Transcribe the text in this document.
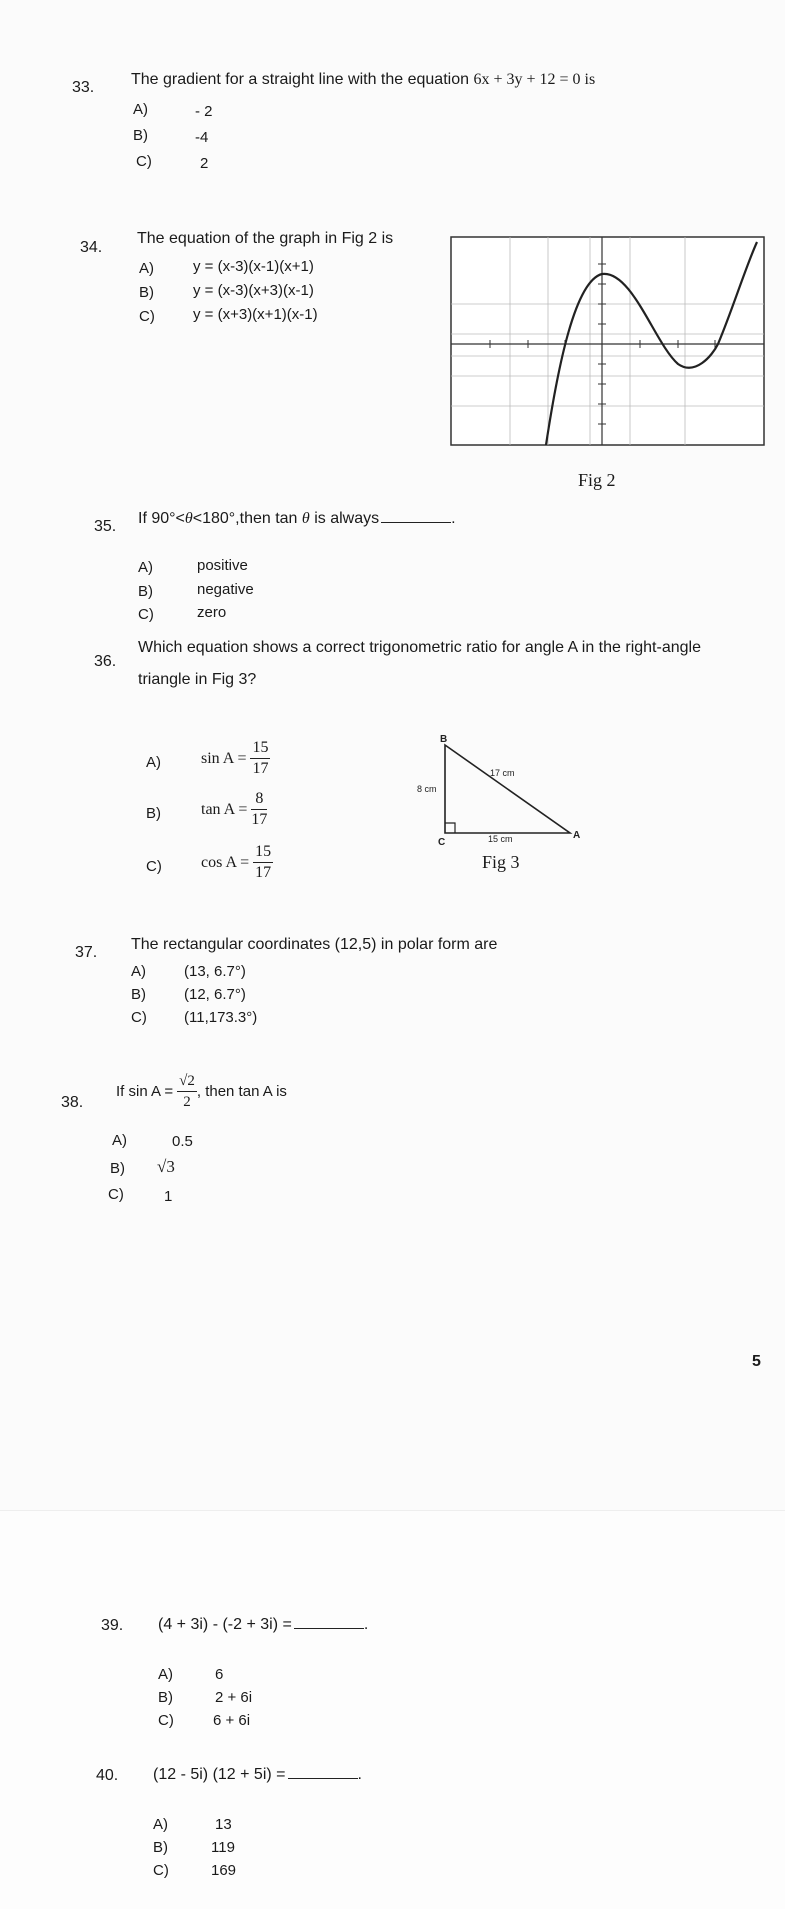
33. The gradient for a straight line with the equation 6x + 3y + 12 = 0 is
A)	- 2
B)	-4
C)	2
34.
The equation of the graph in Fig 2 is
A)	y = (x-3)(x-1)(x+1)
B)	y = (x-3)(x+3)(x-1)
C)	y = (x+3)(x+1)(x-1)
Fig 2
35. If 90°<θ<180°,then tan θ is always	.
A)	positive
B)	negative
C)	zero
36.
Which equation shows a correct trigonometric ratio for angle A in the right-angle
triangle in Fig 3?
A)	$\sin A = \frac{15}{17}$
B)	$\tan A = \frac{8}{17}$
C) $\cos A = \frac{15}{17}$
B
C
A
8 cm
17 cm
15 cm
Fig 3
37. The rectangular coordinates (12,5) in polar form are
A)	(13, 6.7°)
B)	(12, 6.7°)
C) (11,173.3°)
38.
If $\sin A = \frac{√2}{2}$ , then tan A is
A)	0.5
B) √3
C)	1
5
39. (4 + 3i) - (-2 + 3i) =	.
A)	6
B)	2 + 6i
C)	6 + 6i
40. (12 - 5i) (12 + 5i) =	.
A)	13
B)	119
C)	169
